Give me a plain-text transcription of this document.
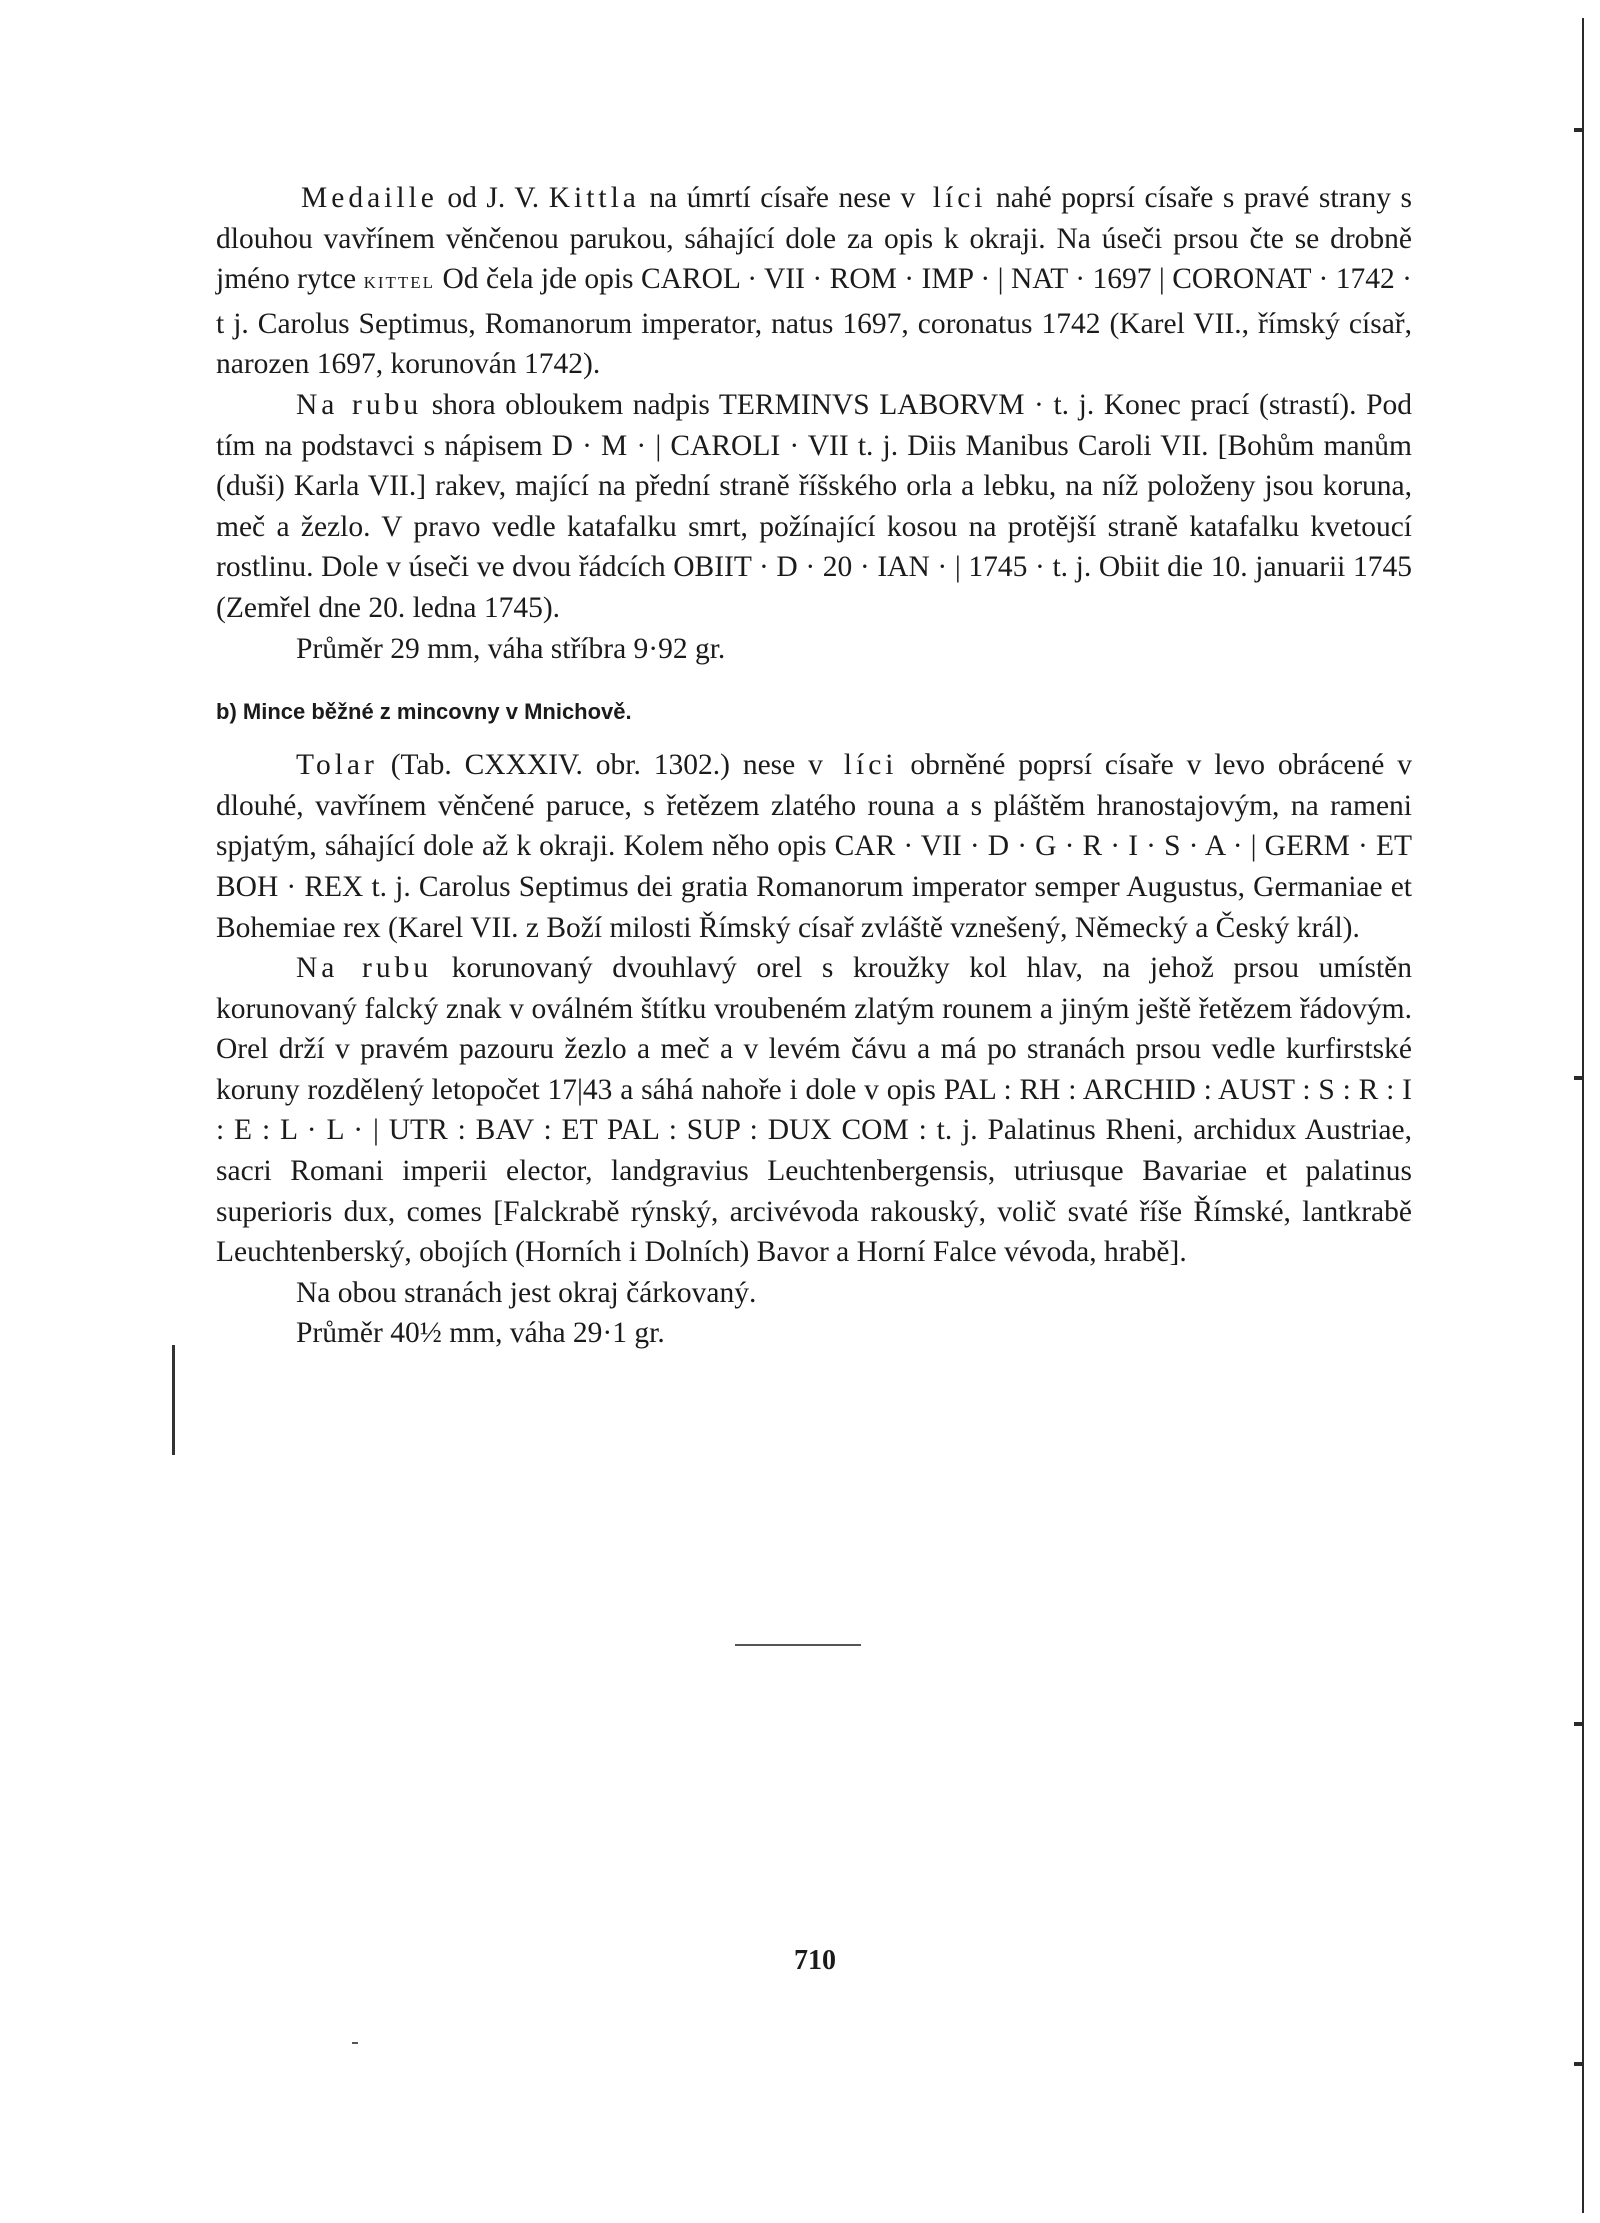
Medaille od J. V. Kittla na úmrtí císaře nese v líci nahé poprsí císaře s pravé strany s dlouhou vavřínem věnčenou parukou, sáhající dole za opis k okraji. Na úseči prsou čte se drobně jméno rytce KITTEL Od čela jde opis CAROL · VII · ROM · IMP · | NAT · 1697 | CORONAT · 1742 · t j. Carolus Septimus, Romanorum imperator, natus 1697, coronatus 1742 (Karel VII., římský císař, narozen 1697, korunován 1742).

Na rubu shora obloukem nadpis TERMINVS LABORVM · t. j. Konec prací (strastí). Pod tím na podstavci s nápisem D · M · | CAROLI · VII t. j. Diis Manibus Caroli VII. [Bohům manům (duši) Karla VII.] rakev, mající na přední straně říšského orla a lebku, na níž položeny jsou koruna, meč a žezlo. V pravo vedle katafalku smrt, požínající kosou na protější straně katafalku kvetoucí rostlinu. Dole v úseči ve dvou řádcích OBIIT · D · 20 · IAN · | 1745 · t. j. Obiit die 10. januarii 1745 (Zemřel dne 20. ledna 1745).

Průměr 29 mm, váha stříbra 9·92 gr.

b) Mince běžné z mincovny v Mnichově.

Tolar (Tab. CXXXIV. obr. 1302.) nese v líci obrněné poprsí císaře v levo obrácené v dlouhé, vavřínem věnčené paruce, s řetězem zlatého rouna a s pláštěm hranostajovým, na rameni spjatým, sáhající dole až k okraji. Kolem něho opis CAR · VII · D · G · R · I · S · A · | GERM · ET BOH · REX t. j. Carolus Septimus dei gratia Romanorum imperator semper Augustus, Germaniae et Bohemiae rex (Karel VII. z Boží milosti Římský císař zvláště vznešený, Německý a Český král).

Na rubu korunovaný dvouhlavý orel s kroužky kol hlav, na jehož prsou umístěn korunovaný falcký znak v oválném štítku vroubeném zlatým rounem a jiným ještě řetězem řádovým. Orel drží v pravém pazouru žezlo a meč a v levém čávu a má po stranách prsou vedle kurfirstské koruny rozdělený letopočet 17|43 a sáhá nahoře i dole v opis PAL : RH : ARCHID : AUST : S : R : I : E : L · L · | UTR : BAV : ET PAL : SUP : DUX COM : t. j. Palatinus Rheni, archidux Austriae, sacri Romani imperii elector, landgravius Leuchtenbergensis, utriusque Bavariae et palatinus superioris dux, comes [Falckrabě rýnský, arcivévoda rakouský, volič svaté říše Římské, lantkrabě Leuchtenberský, obojích (Horních i Dolních) Bavor a Horní Falce vévoda, hrabě].

Na obou stranách jest okraj čárkovaný.

Průměr 40½ mm, váha 29·1 gr.

710
